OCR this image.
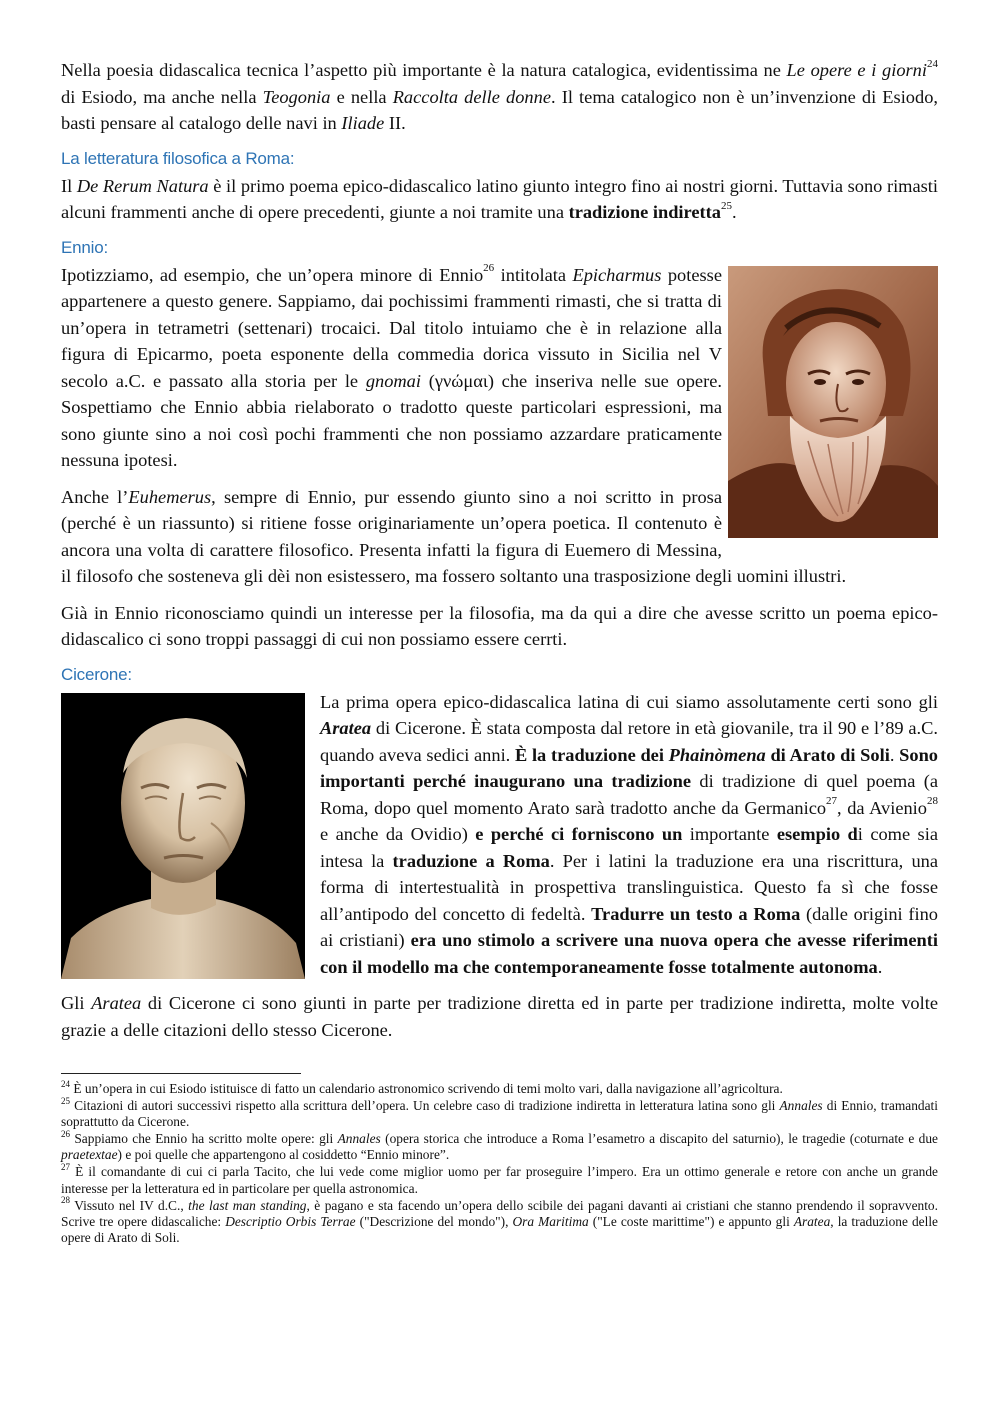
Nella poesia didascalica tecnica l’aspetto più importante è la natura catalogica, evidentissima ne Le opere e i giorni$^{24}$ di Esiodo, ma anche nella Teogonia e nella Raccolta delle donne. Il tema catalogico non è un’invenzione di Esiodo, basti pensare al catalogo delle navi in Iliade II.

La letteratura filosofica a Roma:

Il De Rerum Natura è il primo poema epico-didascalico latino giunto integro fino ai nostri giorni. Tuttavia sono rimasti alcuni frammenti anche di opere precedenti, giunte a noi tramite una tradizione indiretta$^{25}$.

Ennio:

Ipotizziamo, ad esempio, che un’opera minore di Ennio$^{26}$ intitolata Epicharmus potesse appartenere a questo genere. Sappiamo, dai pochissimi frammenti rimasti, che si tratta di un’opera in tetrametri (settenari) trocaici. Dal titolo intuiamo che è in relazione alla figura di Epicarmo, poeta esponente della commedia dorica vissuto in Sicilia nel V secolo a.C. e passato alla storia per le gnomai (γνώμαι) che inseriva nelle sue opere. Sospettiamo che Ennio abbia rielaborato o tradotto queste particolari espressioni, ma sono giunte sino a noi così pochi frammenti che non possiamo azzardare praticamente nessuna ipotesi.

Anche l’Euhemerus, sempre di Ennio, pur essendo giunto sino a noi scritto in prosa (perché è un riassunto) si ritiene fosse originariamente un’opera poetica. Il contenuto è ancora una volta di carattere filosofico. Presenta infatti la figura di Euemero di Messina, il filosofo che sosteneva gli dèi non esistessero, ma fossero soltanto una trasposizione degli uomini illustri.

Già in Ennio riconosciamo quindi un interesse per la filosofia, ma da qui a dire che avesse scritto un poema epico-didascalico ci sono troppi passaggi di cui non possiamo essere cerrti.

Cicerone:

La prima opera epico-didascalica latina di cui siamo assolutamente certi sono gli Aratea di Cicerone. È stata composta dal retore in età giovanile, tra il 90 e l’89 a.C. quando aveva sedici anni. È la traduzione dei Phainòmena di Arato di Soli. Sono importanti perché inaugurano una tradizione di tradizione di quel poema (a Roma, dopo quel momento Arato sarà tradotto anche da Germanico$^{27}$, da Avienio$^{28}$ e anche da Ovidio) e perché ci forniscono un importante esempio di come sia intesa la traduzione a Roma. Per i latini la traduzione era una riscrittura, una forma di intertestualità in prospettiva translinguistica. Questo fa sì che fosse all’antipodo del concetto di fedeltà. Tradurre un testo a Roma (dalle origini fino ai cristiani) era uno stimolo a scrivere una nuova opera che avesse riferimenti con il modello ma che contemporaneamente fosse totalmente autonoma.

Gli Aratea di Cicerone ci sono giunti in parte per tradizione diretta ed in parte per tradizione indiretta, molte volte grazie a delle citazioni dello stesso Cicerone.

$^{24}$ È un’opera in cui Esiodo istituisce di fatto un calendario astronomico scrivendo di temi molto vari, dalla navigazione all’agricoltura.
$^{25}$ Citazioni di autori successivi rispetto alla scrittura dell’opera. Un celebre caso di tradizione indiretta in letteratura latina sono gli Annales di Ennio, tramandati soprattutto da Cicerone.
$^{26}$ Sappiamo che Ennio ha scritto molte opere: gli Annales (opera storica che introduce a Roma l’esametro a discapito del saturnio), le tragedie (coturnate e due praetextae) e poi quelle che appartengono al cosiddetto “Ennio minore”.
$^{27}$ È il comandante di cui ci parla Tacito, che lui vede come miglior uomo per far proseguire l’impero. Era un ottimo generale e retore con anche un grande interesse per la letteratura ed in particolare per quella astronomica.
$^{28}$ Vissuto nel IV d.C., the last man standing, è pagano e sta facendo un’opera dello scibile dei pagani davanti ai cristiani che stanno prendendo il sopravvento. Scrive tre opere didascaliche: Descriptio Orbis Terrae ("Descrizione del mondo"), Ora Maritima ("Le coste marittime") e appunto gli Aratea, la traduzione delle opere di Arato di Soli.
